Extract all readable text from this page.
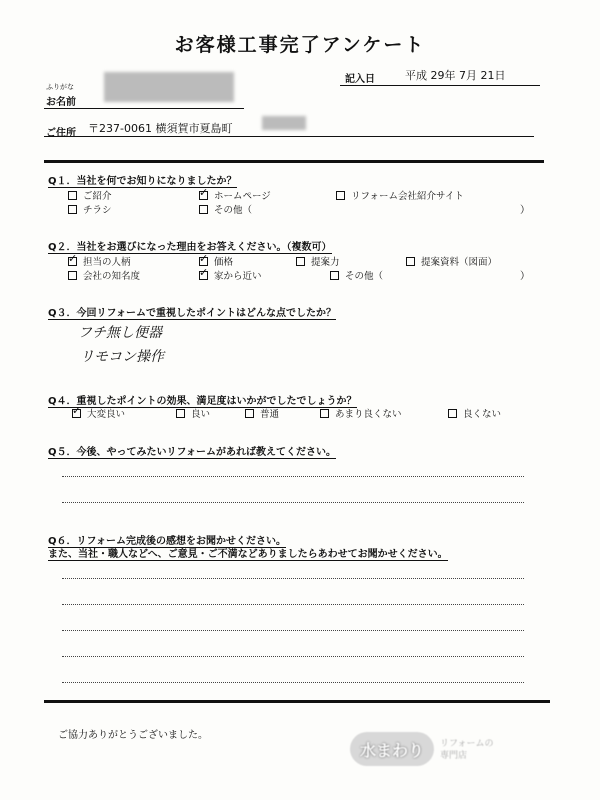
お客様工事完了アンケート
ふりがな
お名前
記入日	平成 29年 7月 21日
ご住所 〒237-0061 横須賀市夏島町
Q１．当社を何でお知りになりましたか？
ご紹介 ✓	ホームページ	リフォーム会社紹介サイト
チラシ	その他（	）
Q２．当社をお選びになった理由をお答えください。（複数可）
✓
担当の人柄 ✓	価格	提案力	提案資料（図面）
会社の知名度 ✓	家から近い	その他（	）
Q３．今回リフォームで重視したポイントはどんな点でしたか？
フチ無し便器
リモコン操作
Q４．重視したポイントの効果、満足度はいかがでしたでしょうか？
✓
大変良い	良い	普通	あまり良くない	良くない
Q５．今後、やってみたいリフォームがあれば教えてください。
Q６．リフォーム完成後の感想をお聞かせください。
また、当社・職人などへ、ご意見・ご不満などありましたらあわせてお聞かせください。
ご協力ありがとうございました。
水まわり リフォームの
専門店
